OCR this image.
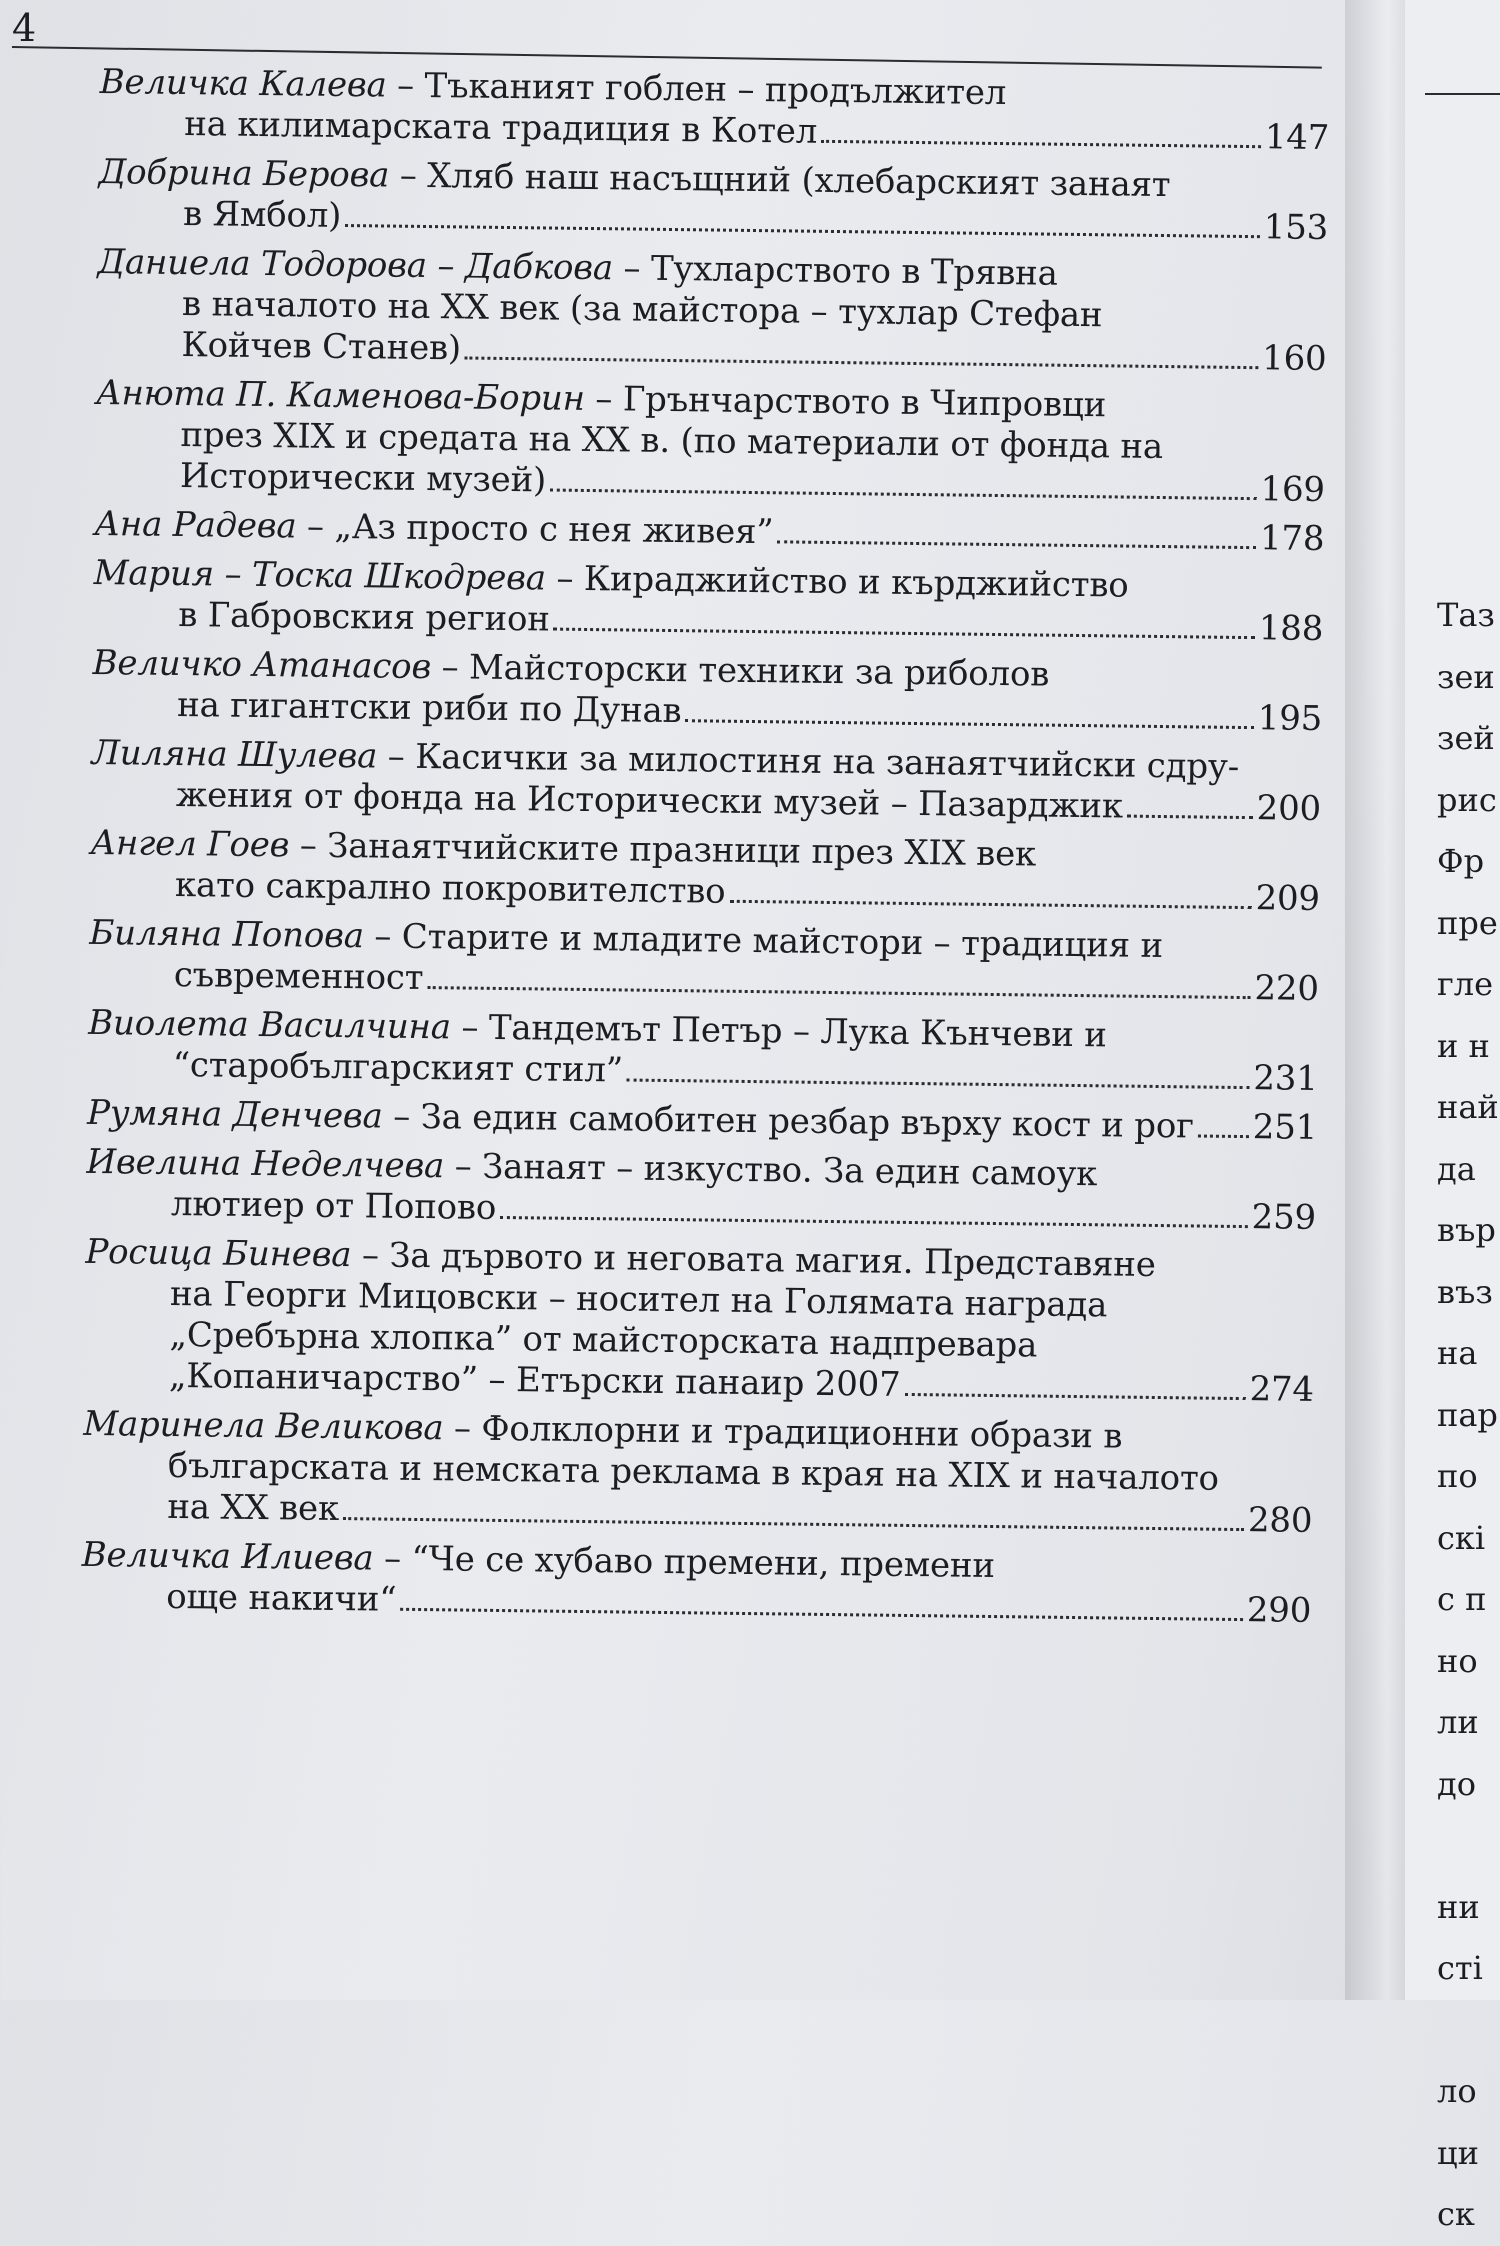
4
Величка Калева – Тъканият гоблен – продължител
на килимарската традиция в Котел	147
Добрина Берова – Хляб наш насъщний (хлебарският занаят
в Ямбол)	153
Даниела Тодорова – Дабкова – Тухларството в Трявна
в началото на XX век (за майстора – тухлар Стефан
Койчев Станев)	160
Анюта П. Каменова-Борин – Грънчарството в Чипровци
през XIX и средата на XX в. (по материали от фонда на
Исторически музей)	169
Ана Радева – „Аз просто с нея живея”	178
Мария – Тоска Шкодрева – Кираджийство и кърджийство
в Габровския регион	188
Величко Атанасов – Майсторски техники за риболов
на гигантски риби по Дунав	195
Лиляна Шулева – Касички за милостиня на занаятчийски сдру-
жения от фонда на Исторически музей – Пазарджик	200
Ангел Гоев – Занаятчийските празници през XIX век
като сакрално покровителство	209
Биляна Попова – Старите и младите майстори – традиция и
съвременност	220
Виолета Василчина – Тандемът Петър – Лука Кънчеви и
“старобългарският стил”	231
Румяна Денчева – За един самобитен резбар върху кост и рог 251
Ивелина Неделчева – Занаят – изкуство. За един самоук
лютиер от Попово	259
Росица Бинева – За дървото и неговата магия. Представяне
на Георги Мицовски – носител на Голямата награда
„Сребърна хлопка” от майсторската надпревара
„Копаничарство” – Етърски панаир 2007	274
Маринела Великова – Фолклорни и традиционни образи в
българската и немската реклама в края на XIX и началото
на XX век	280
Величка Илиева – “Че се хубаво премени, премени
още накичи“	290
Таз
зеи
зей
рис
Фр
пре
гле
и н
най
да
вър
въз
на
пар
по
скі
с п
но
ли
до
ни
сті
ло
ци
ск
